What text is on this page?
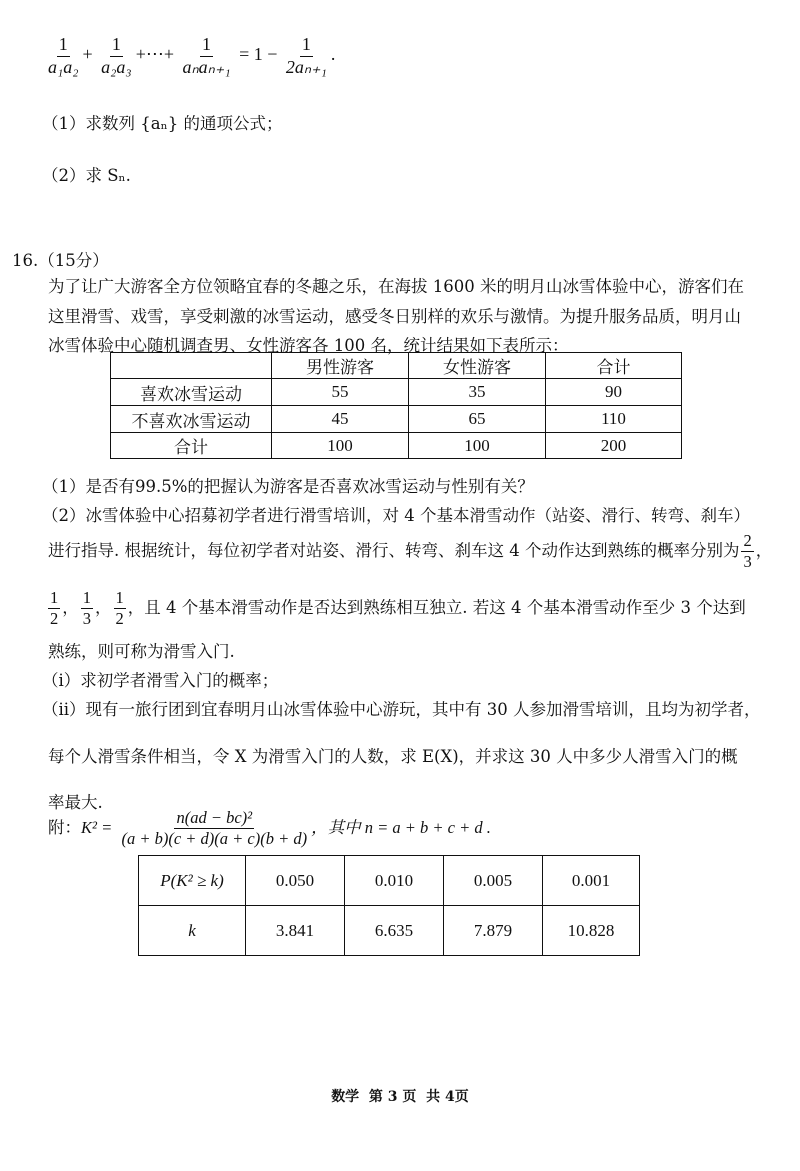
$\frac{1}{\text{a₁a₂}} + \frac{1}{\text{a₂a₃}}$ +⋯+ $\frac{1}{\text{aₙaₙ₊₁}} = 1 - \frac{1}{\text{2aₙ₊₁}}$ .
（1）求数列 {aₙ} 的通项公式；
（2）求 Sₙ.
16.（15分）
为了让广大游客全方位领略宜春的冬趣之乐，在海拔 1600 米的明月山冰雪体验中心，游客们在
这里滑雪、戏雪，享受刺激的冰雪运动，感受冬日别样的欢乐与激情。为提升服务品质，明月山
冰雪体验中心随机调查男、女性游客各 100 名，统计结果如下表所示：
	男性游客	女性游客	合计
喜欢冰雪运动	55	35	90
不喜欢冰雪运动	45	65	110
合计	100	100	200
（1）是否有99.5%的把握认为游客是否喜欢冰雪运动与性别有关？
（2）冰雪体验中心招募初学者进行滑雪培训，对 4 个基本滑雪动作（站姿、滑行、转弯、刹车）
进行指导. 根据统计，每位初学者对站姿、滑行、转弯、刹车这 4 个动作达到熟练的概率分别为 $\frac{2}{3}$ ，
$\frac{1}{2}$ ， $\frac{1}{3}$ ， $\frac{1}{2}$ ，且 4 个基本滑雪动作是否达到熟练相互独立. 若这 4 个基本滑雪动作至少 3 个达到
熟练，则可称为滑雪入门.
（i）求初学者滑雪入门的概率；
（ii）现有一旅行团到宜春明月山冰雪体验中心游玩，其中有 30 人参加滑雪培训，且均为初学者，
每个人滑雪条件相当，令 X 为滑雪入门的人数，求 E(X)，并求这 30 人中多少人滑雪入门的概
率最大.
附：$K^2 = \frac{\text{n(ad − bc)²}}{(a + b)(c + d)(a + c)(b + d)}$ ，其中 n = a + b + c + d .
P(K² ≥ k)	0.050	0.010	0.005	0.001
k	3.841	6.635	7.879	10.828
数学  第 3 页  共 4页
